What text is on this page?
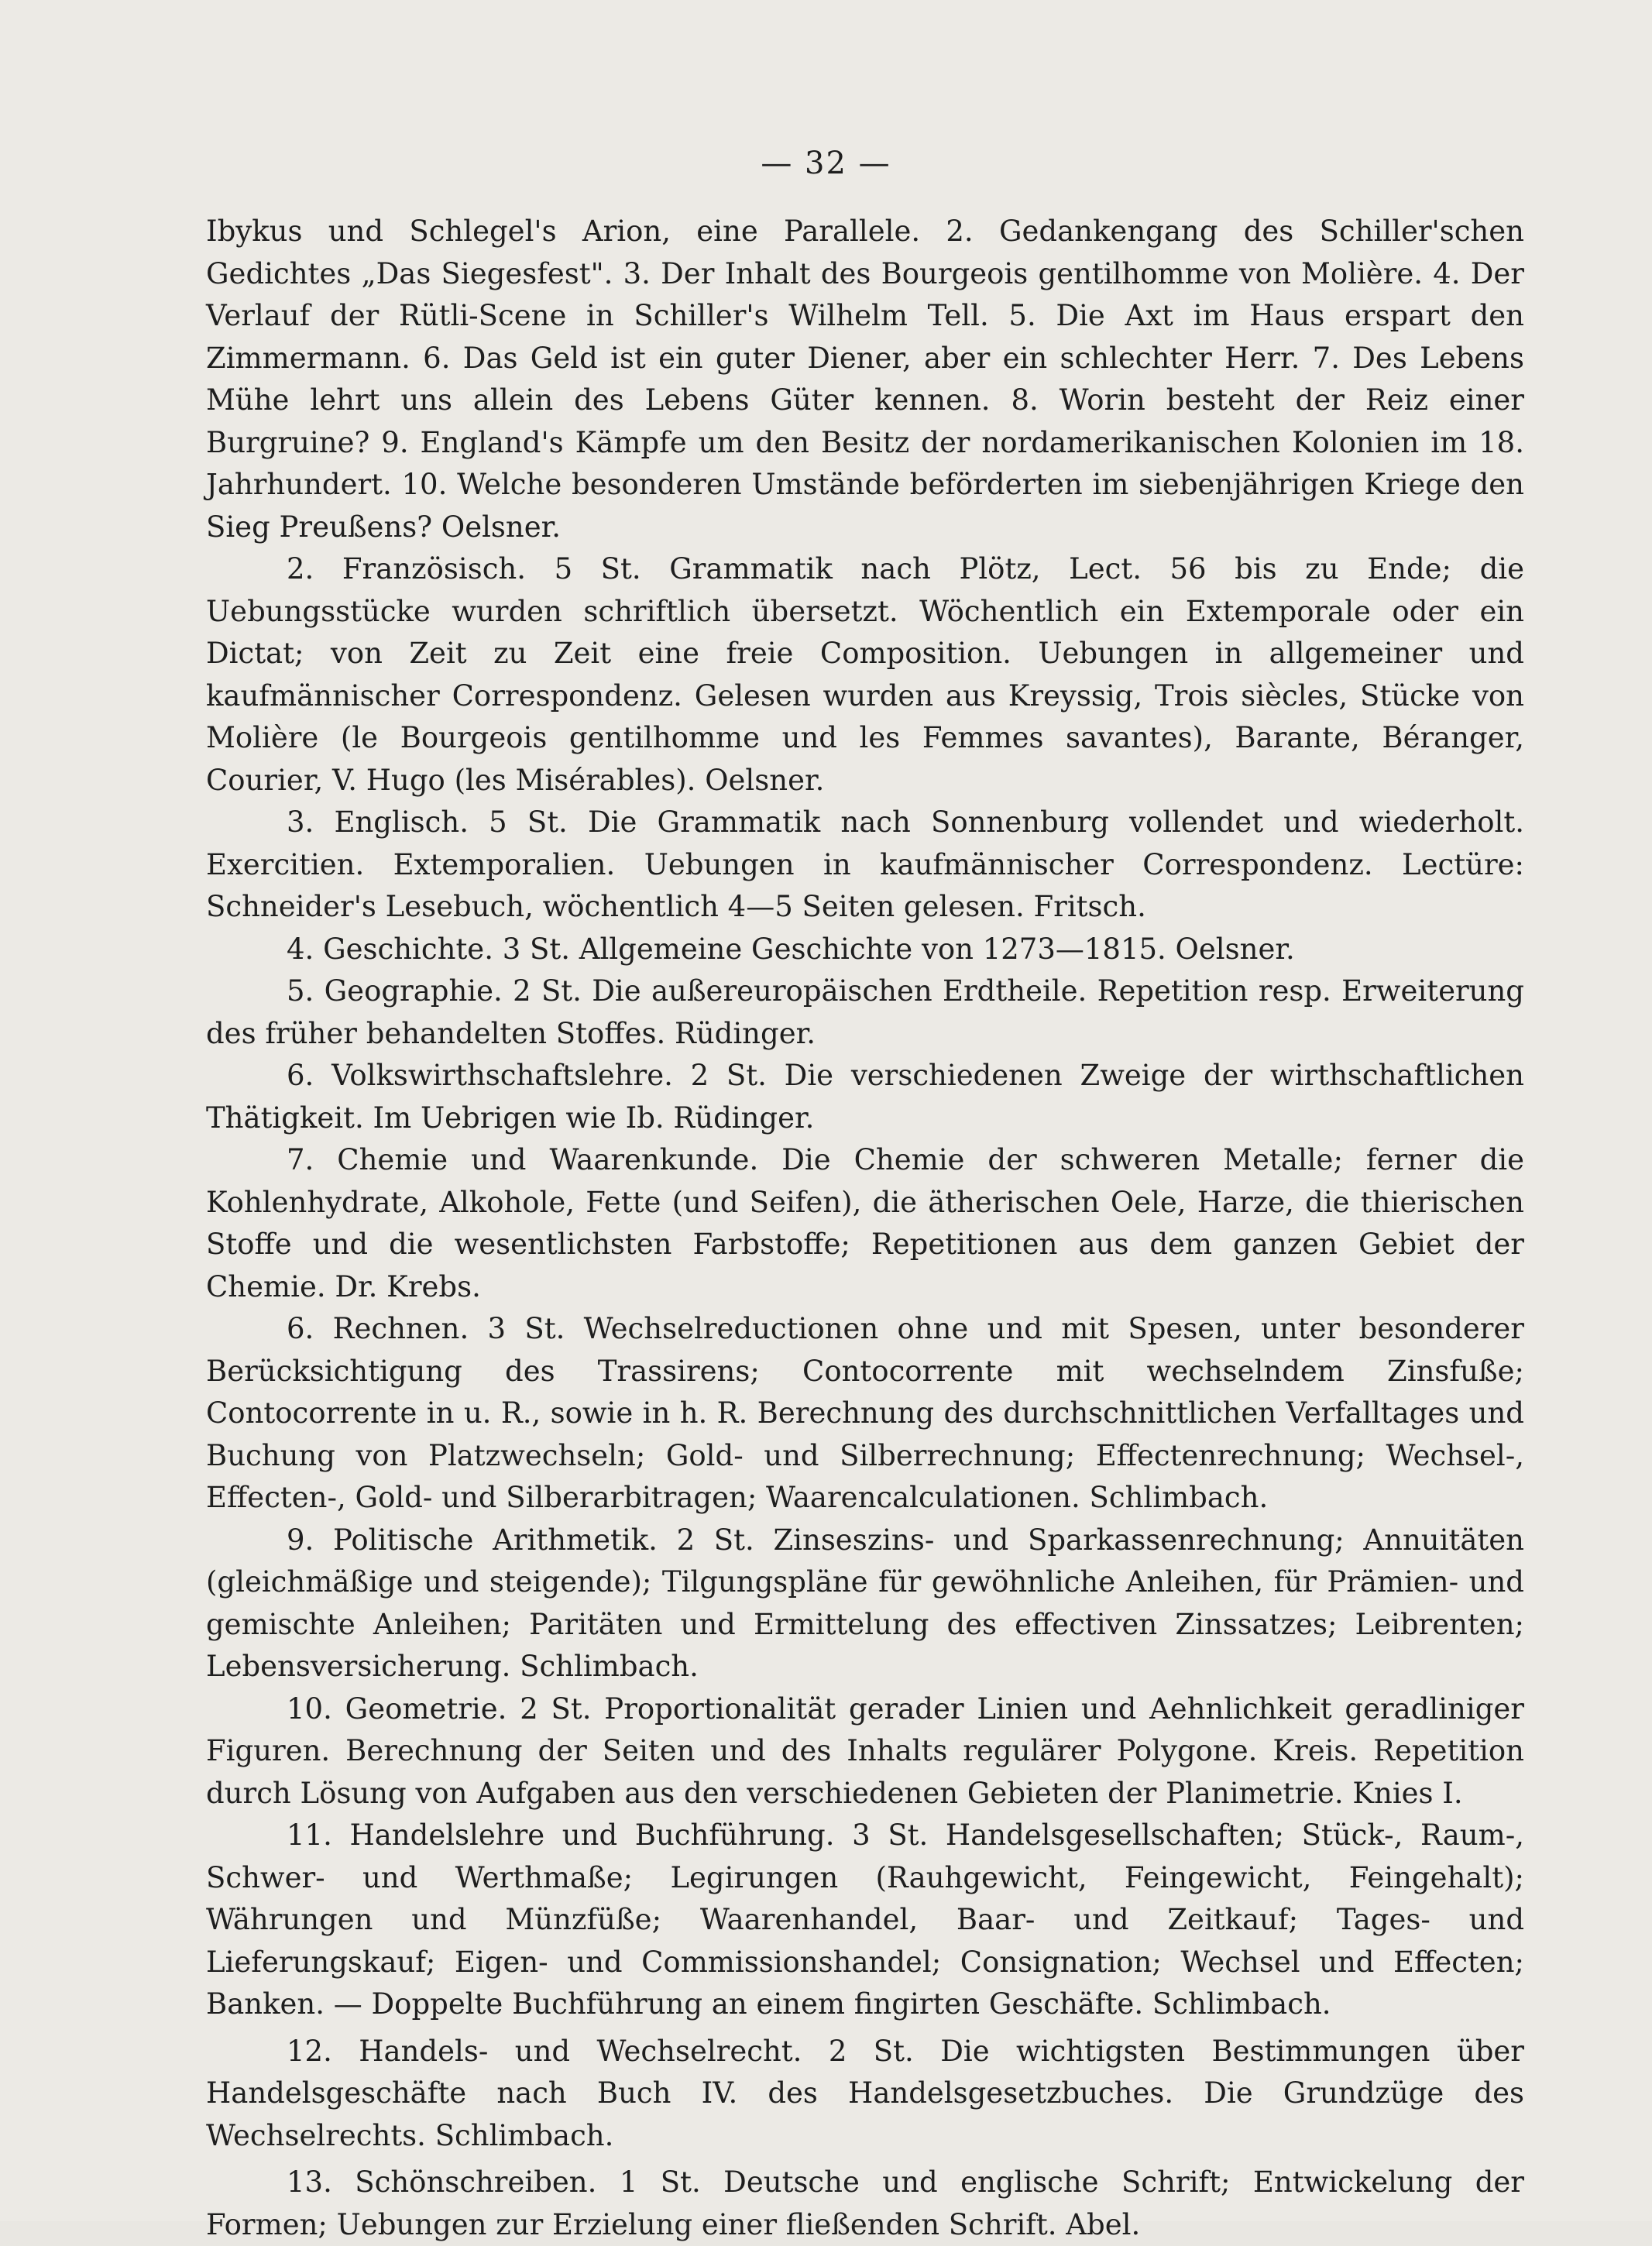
— 32 —

Ibykus und Schlegel's Arion, eine Parallele. 2. Gedankengang des Schiller'schen Gedichtes „Das Siegesfest". 3. Der Inhalt des Bourgeois gentilhomme von Molière. 4. Der Verlauf der Rütli-Scene in Schiller's Wilhelm Tell. 5. Die Axt im Haus erspart den Zimmermann. 6. Das Geld ist ein guter Diener, aber ein schlechter Herr. 7. Des Lebens Mühe lehrt uns allein des Lebens Güter kennen. 8. Worin besteht der Reiz einer Burgruine? 9. England's Kämpfe um den Besitz der nordamerikanischen Kolonien im 18. Jahrhundert. 10. Welche besonderen Umstände beförderten im siebenjährigen Kriege den Sieg Preußens? Oelsner.

2. Französisch. 5 St. Grammatik nach Plötz, Lect. 56 bis zu Ende; die Uebungsstücke wurden schriftlich übersetzt. Wöchentlich ein Extemporale oder ein Dictat; von Zeit zu Zeit eine freie Composition. Uebungen in allgemeiner und kaufmännischer Correspondenz. Gelesen wurden aus Kreyssig, Trois siècles, Stücke von Molière (le Bourgeois gentilhomme und les Femmes savantes), Barante, Béranger, Courier, V. Hugo (les Misérables). Oelsner.

3. Englisch. 5 St. Die Grammatik nach Sonnenburg vollendet und wiederholt. Exercitien. Extemporalien. Uebungen in kaufmännischer Correspondenz. Lectüre: Schneider's Lesebuch, wöchentlich 4—5 Seiten gelesen. Fritsch.

4. Geschichte. 3 St. Allgemeine Geschichte von 1273—1815. Oelsner.

5. Geographie. 2 St. Die außereuropäischen Erdtheile. Repetition resp. Erweiterung des früher behandelten Stoffes. Rüdinger.

6. Volkswirthschaftslehre. 2 St. Die verschiedenen Zweige der wirthschaftlichen Thätigkeit. Im Uebrigen wie Ib. Rüdinger.

7. Chemie und Waarenkunde. Die Chemie der schweren Metalle; ferner die Kohlenhydrate, Alkohole, Fette (und Seifen), die ätherischen Oele, Harze, die thierischen Stoffe und die wesentlichsten Farbstoffe; Repetitionen aus dem ganzen Gebiet der Chemie. Dr. Krebs.

6. Rechnen. 3 St. Wechselreductionen ohne und mit Spesen, unter besonderer Berücksichtigung des Trassirens; Contocorrente mit wechselndem Zinsfuße; Contocorrente in u. R., sowie in h. R. Berechnung des durchschnittlichen Verfalltages und Buchung von Platzwechseln; Gold- und Silberrechnung; Effectenrechnung; Wechsel-, Effecten-, Gold- und Silberarbitragen; Waarencalculationen. Schlimbach.

9. Politische Arithmetik. 2 St. Zinseszins- und Sparkassenrechnung; Annuitäten (gleichmäßige und steigende); Tilgungspläne für gewöhnliche Anleihen, für Prämien- und gemischte Anleihen; Paritäten und Ermittelung des effectiven Zinssatzes; Leibrenten; Lebensversicherung. Schlimbach.

10. Geometrie. 2 St. Proportionalität gerader Linien und Aehnlichkeit geradliniger Figuren. Berechnung der Seiten und des Inhalts regulärer Polygone. Kreis. Repetition durch Lösung von Aufgaben aus den verschiedenen Gebieten der Planimetrie. Knies I.

11. Handelslehre und Buchführung. 3 St. Handelsgesellschaften; Stück-, Raum-, Schwer- und Werthmaße; Legirungen (Rauhgewicht, Feingewicht, Feingehalt); Währungen und Münzfüße; Waarenhandel, Baar- und Zeitkauf; Tages- und Lieferungskauf; Eigen- und Commissionshandel; Consignation; Wechsel und Effecten; Banken. — Doppelte Buchführung an einem fingirten Geschäfte. Schlimbach.

12. Handels- und Wechselrecht. 2 St. Die wichtigsten Bestimmungen über Handelsgeschäfte nach Buch IV. des Handelsgesetzbuches. Die Grundzüge des Wechselrechts. Schlimbach.

13. Schönschreiben. 1 St. Deutsche und englische Schrift; Entwickelung der Formen; Uebungen zur Erzielung einer fließenden Schrift. Abel.
